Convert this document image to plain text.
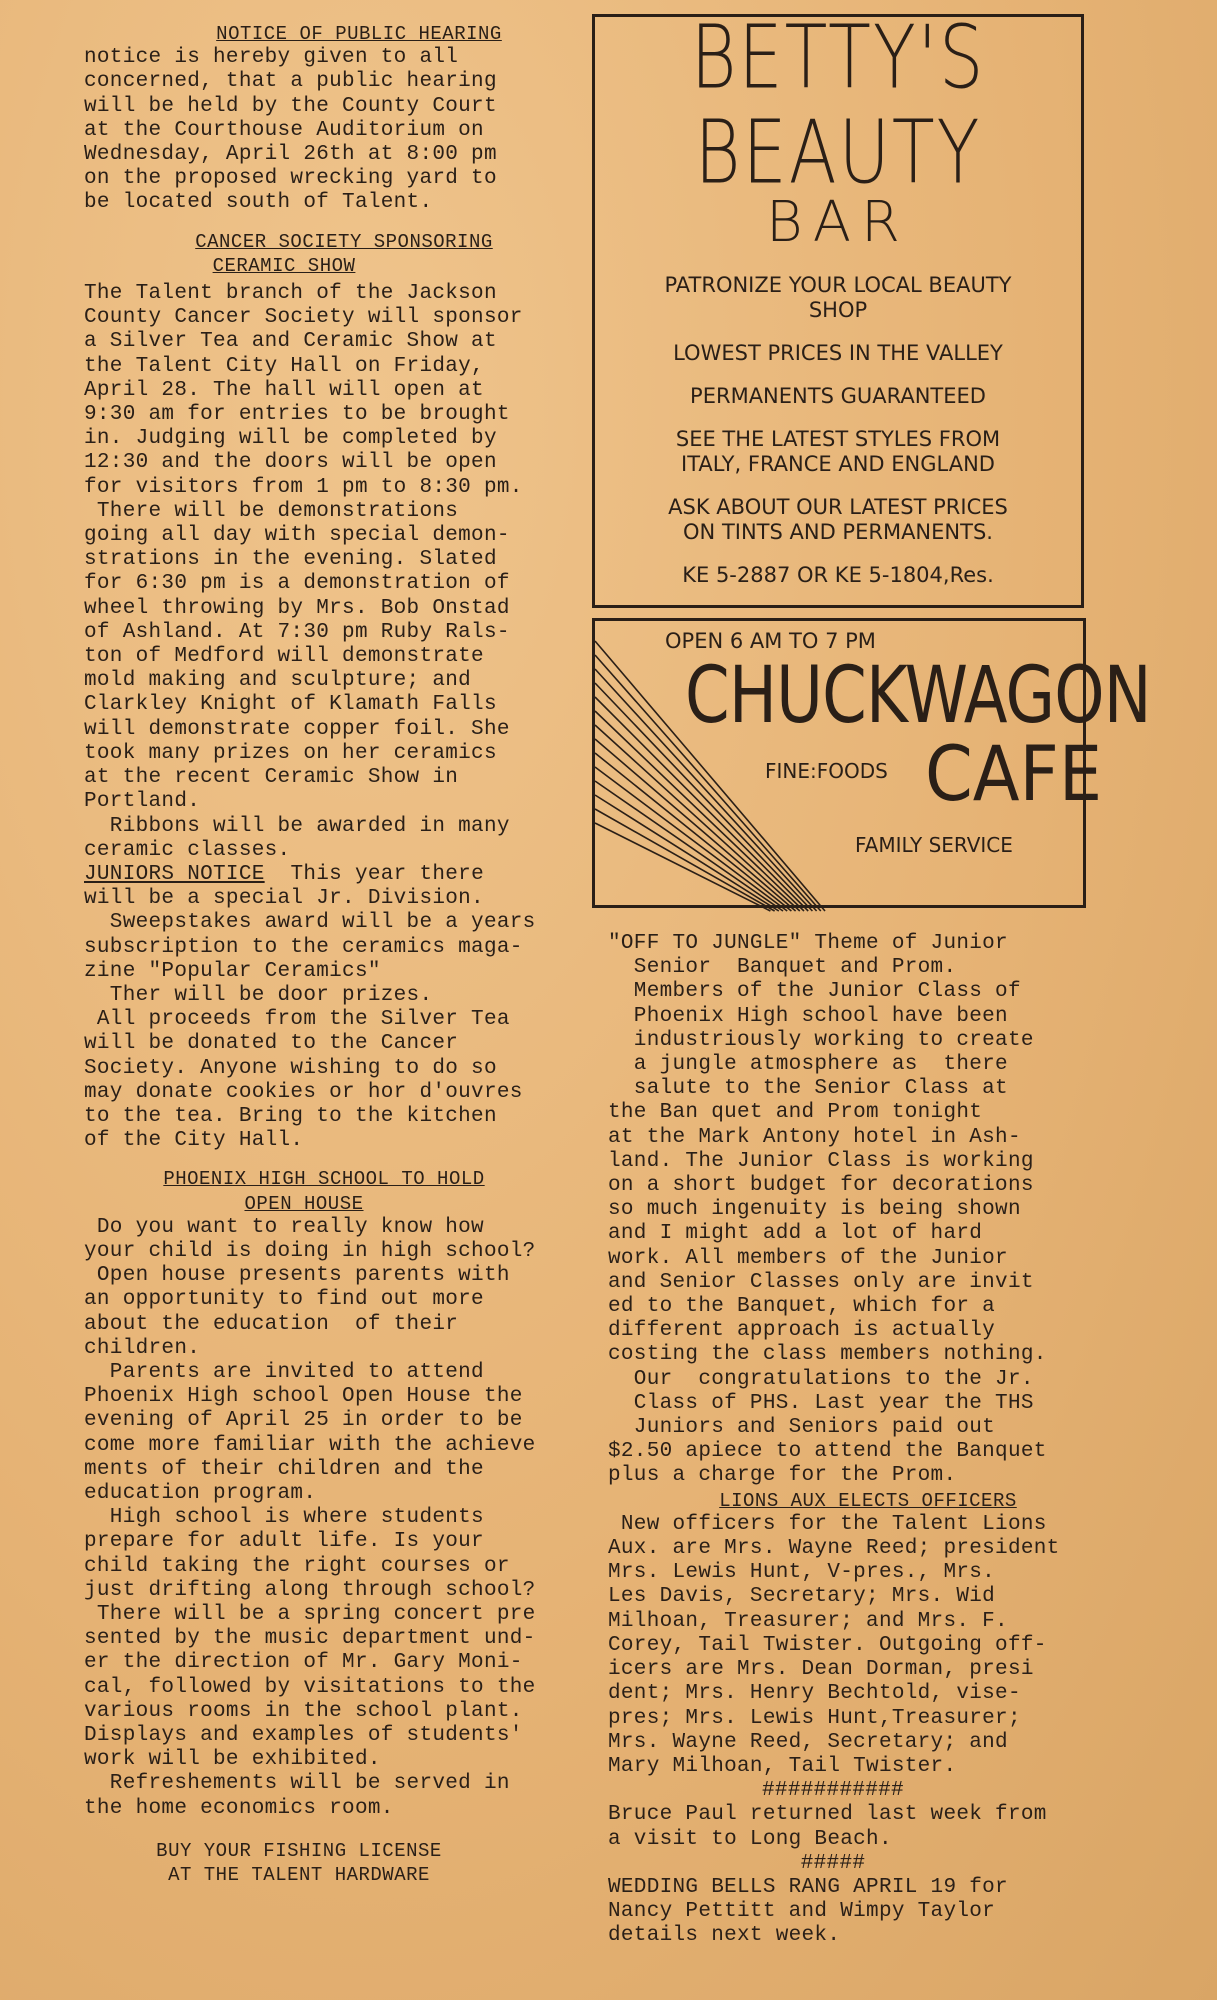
NOTICE OF PUBLIC HEARING

notice is hereby given to all

concerned, that a public hearing

will be held by the County Court

at the Courthouse Auditorium on

Wednesday, April 26th at 8:00 pm

on the proposed wrecking yard to

be located south of Talent.

CANCER SOCIETY SPONSORING

CERAMIC SHOW

The Talent branch of the Jackson

County Cancer Society will sponsor

a Silver Tea and Ceramic Show at

the Talent City Hall on Friday,

April 28. The hall will open at

9:30 am for entries to be brought

in. Judging will be completed by

12:30 and the doors will be open

for visitors from 1 pm to 8:30 pm.

There will be demonstrations

going all day with special demon-

strations in the evening. Slated

for 6:30 pm is a demonstration of

wheel throwing by Mrs. Bob Onstad

of Ashland. At 7:30 pm Ruby Rals-

ton of Medford will demonstrate

mold making and sculpture; and

Clarkley Knight of Klamath Falls

will demonstrate copper foil. She

took many prizes on her ceramics

at the recent Ceramic Show in

Portland.

Ribbons will be awarded in many

ceramic classes.

JUNIORS NOTICE  This year there

will be a special Jr. Division.

Sweepstakes award will be a years

subscription to the ceramics maga-

zine "Popular Ceramics"

Ther will be door prizes.

All proceeds from the Silver Tea

will be donated to the Cancer

Society. Anyone wishing to do so

may donate cookies or hor d'ouvres

to the tea. Bring to the kitchen

of the City Hall.

PHOENIX HIGH SCHOOL TO HOLD

OPEN HOUSE

Do you want to really know how

your child is doing in high school?

Open house presents parents with

an opportunity to find out more

about the education  of their

children.

Parents are invited to attend

Phoenix High school Open House the

evening of April 25 in order to be

come more familiar with the achieve

ments of their children and the

education program.

High school is where students

prepare for adult life. Is your

child taking the right courses or

just drifting along through school?

There will be a spring concert pre

sented by the music department und-

er the direction of Mr. Gary Moni-

cal, followed by visitations to the

various rooms in the school plant.

Displays and examples of students'

work will be exhibited.

Refreshements will be served in

the home economics room.

BUY YOUR FISHING LICENSE

AT THE TALENT HARDWARE

BETTY'S BEAUTY
BAR
PATRONIZE YOUR LOCAL BEAUTY
SHOP

LOWEST PRICES IN THE VALLEY

PERMANENTS GUARANTEED

SEE THE LATEST STYLES FROM
ITALY, FRANCE AND ENGLAND

ASK ABOUT OUR LATEST PRICES
ON TINTS AND PERMANENTS.

KE 5-2887 OR KE 5-1804,Res.
OPEN 6 AM TO 7 PM
CHUCKWAGON
FINE:FOODS CAFE
FAMILY SERVICE

"OFF TO JUNGLE" Theme of Junior

Senior  Banquet and Prom.

Members of the Junior Class of

Phoenix High school have been

industriously working to create

a jungle atmosphere as  there

salute to the Senior Class at

the Ban quet and Prom tonight

at the Mark Antony hotel in Ash-

land. The Junior Class is working

on a short budget for decorations

so much ingenuity is being shown

and I might add a lot of hard

work. All members of the Junior

and Senior Classes only are invit

ed to the Banquet, which for a

different approach is actually

costing the class members nothing.

Our  congratulations to the Jr.

Class of PHS. Last year the THS

Juniors and Seniors paid out

$2.50 apiece to attend the Banquet

plus a charge for the Prom.

LIONS AUX ELECTS OFFICERS

New officers for the Talent Lions

Aux. are Mrs. Wayne Reed; president

Mrs. Lewis Hunt, V-pres., Mrs.

Les Davis, Secretary; Mrs. Wid

Milhoan, Treasurer; and Mrs. F.

Corey, Tail Twister. Outgoing off-

icers are Mrs. Dean Dorman, presi

dent; Mrs. Henry Bechtold, vise-

pres; Mrs. Lewis Hunt,Treasurer;

Mrs. Wayne Reed, Secretary; and

Mary Milhoan, Tail Twister.

###########

Bruce Paul returned last week from

a visit to Long Beach.

#####

WEDDING BELLS RANG APRIL 19 for

Nancy Pettitt and Wimpy Taylor

details next week.
